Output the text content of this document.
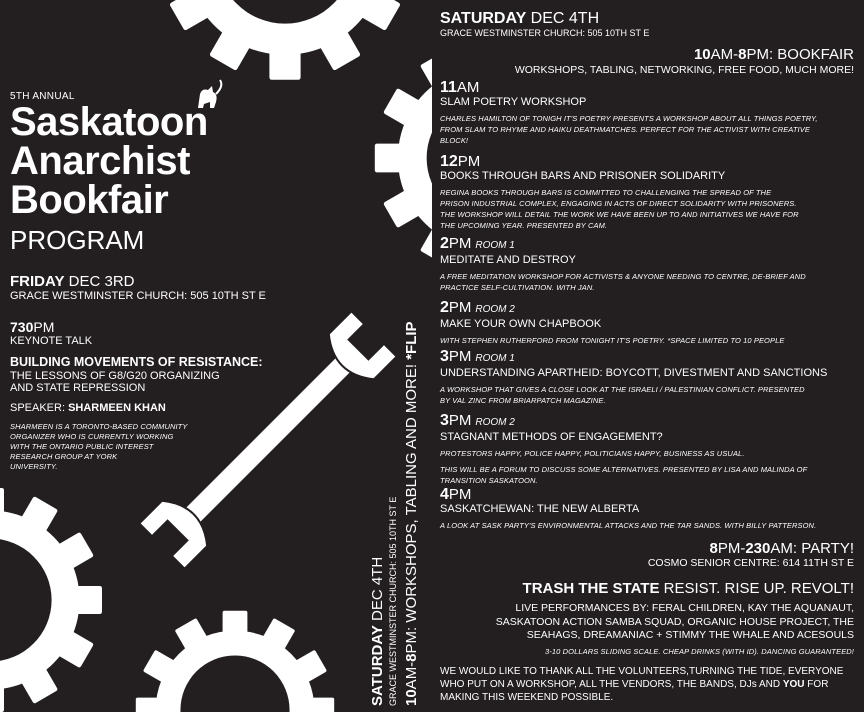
5TH ANNUAL
Saskatoon
Anarchist
Bookfair
PROGRAM
FRIDAY DEC 3RD
GRACE WESTMINSTER CHURCH: 505 10TH ST E
730PM
KEYNOTE TALK
BUILDING MOVEMENTS OF RESISTANCE:
THE LESSONS OF G8/G20 ORGANIZING
AND STATE REPRESSION
SPEAKER: SHARMEEN KHAN
SHARMEEN IS A TORONTO-BASED COMMUNITY
ORGANIZER WHO IS CURRENTLY WORKING
WITH THE ONTARIO PUBLIC INTEREST
RESEARCH GROUP AT YORK
UNIVERSITY.
SATURDAY DEC 4TH GRACE WESTMINSTER CHURCH: 505 10TH ST E 10AM-8PM: WORKSHOPS, TABLING AND MORE! *FLIP
SATURDAY DEC 4TH
GRACE WESTMINSTER CHURCH: 505 10TH ST E
10AM-8PM: BOOKFAIR
WORKSHOPS, TABLING, NETWORKING, FREE FOOD, MUCH MORE!
11AM
SLAM POETRY WORKSHOP
CHARLES HAMILTON OF TONIGH IT'S POETRY PRESENTS A WORKSHOP ABOUT ALL THINGS POETRY,
FROM SLAM TO RHYME AND HAIKU DEATHMATCHES. PERFECT FOR THE ACTIVIST WITH CREATIVE
BLOCK!
12PM
BOOKS THROUGH BARS AND PRISONER SOLIDARITY
REGINA BOOKS THROUGH BARS IS COMMITTED TO CHALLENGING THE SPREAD OF THE
PRISON INDUSTRIAL COMPLEX, ENGAGING IN ACTS OF DIRECT SOLIDARITY WITH PRISONERS.
THE WORKSHOP WILL DETAIL THE WORK WE HAVE BEEN UP TO AND INITIATIVES WE HAVE FOR
THE UPCOMING YEAR. PRESENTED BY CAM.
2PM ROOM 1
MEDITATE AND DESTROY
A FREE MEDITATION WORKSHOP FOR ACTIVISTS & ANYONE NEEDING TO CENTRE, DE-BRIEF AND
PRACTICE SELF-CULTIVATION. WITH JAN.
2PM ROOM 2
MAKE YOUR OWN CHAPBOOK
WITH STEPHEN RUTHERFORD FROM TONIGHT IT'S POETRY. *SPACE LIMITED TO 10 PEOPLE
3PM ROOM 1
UNDERSTANDING APARTHEID: BOYCOTT, DIVESTMENT AND SANCTIONS
A WORKSHOP THAT GIVES A CLOSE LOOK AT THE ISRAELI / PALESTINIAN CONFLICT. PRESENTED
BY VAL ZINC FROM BRIARPATCH MAGAZINE.
3PM ROOM 2
STAGNANT METHODS OF ENGAGEMENT?
PROTESTORS HAPPY, POLICE HAPPY, POLITICIANS HAPPY, BUSINESS AS USUAL.
THIS WILL BE A FORUM TO DISCUSS SOME ALTERNATIVES. PRESENTED BY LISA AND MALINDA OF
TRANSITION SASKATOON.
4PM
SASKATCHEWAN: THE NEW ALBERTA
A LOOK AT SASK PARTY'S ENVIRONMENTAL ATTACKS AND THE TAR SANDS. WITH BILLY PATTERSON.
8PM-230AM: PARTY!
COSMO SENIOR CENTRE: 614 11TH ST E
TRASH THE STATE RESIST. RISE UP. REVOLT!
LIVE PERFORMANCES BY: FERAL CHILDREN, KAY THE AQUANAUT,
SASKATOON ACTION SAMBA SQUAD, ORGANIC HOUSE PROJECT, THE
SEAHAGS, DREAMANIAC + STIMMY THE WHALE AND ACESOULS
3-10 DOLLARS SLIDING SCALE. CHEAP DRINKS (WITH ID). DANCING GUARANTEED!
WE WOULD LIKE TO THANK ALL THE VOLUNTEERS,TURNING THE TIDE, EVERYONE
WHO PUT ON A WORKSHOP, ALL THE VENDORS, THE BANDS, DJs AND YOU FOR
MAKING THIS WEEKEND POSSIBLE.
